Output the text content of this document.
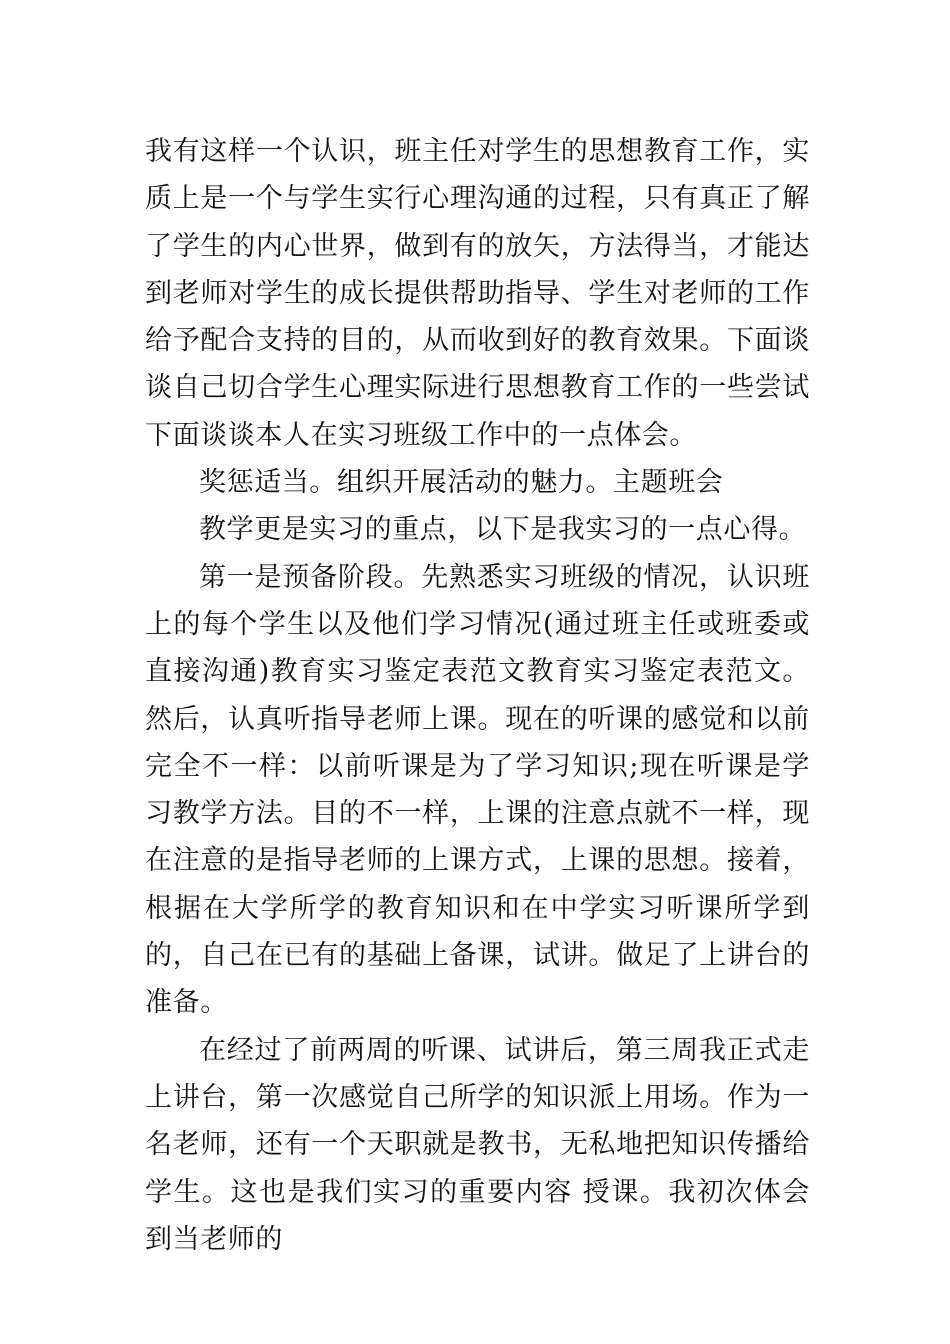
我有这样一个认识，班主任对学生的思想教育工作，实质上是一个与学生实行心理沟通的过程，只有真正了解了学生的内心世界，做到有的放矢，方法得当，才能达到老师对学生的成长提供帮助指导、学生对老师的工作给予配合支持的目的，从而收到好的教育效果。下面谈谈自己切合学生心理实际进行思想教育工作的一些尝试下面谈谈本人在实习班级工作中的一点体会。

奖惩适当。组织开展活动的魅力。主题班会

教学更是实习的重点，以下是我实习的一点心得。

第一是预备阶段。先熟悉实习班级的情况，认识班上的每个学生以及他们学习情况(通过班主任或班委或直接沟通)教育实习鉴定表范文教育实习鉴定表范文。然后，认真听指导老师上课。现在的听课的感觉和以前完全不一样：以前听课是为了学习知识;现在听课是学习教学方法。目的不一样，上课的注意点就不一样，现在注意的是指导老师的上课方式，上课的思想。接着，根据在大学所学的教育知识和在中学实习听课所学到的，自己在已有的基础上备课，试讲。做足了上讲台的准备。

在经过了前两周的听课、试讲后，第三周我正式走上讲台，第一次感觉自己所学的知识派上用场。作为一名老师，还有一个天职就是教书，无私地把知识传播给学生。这也是我们实习的重要内容 授课。我初次体会到当老师的
